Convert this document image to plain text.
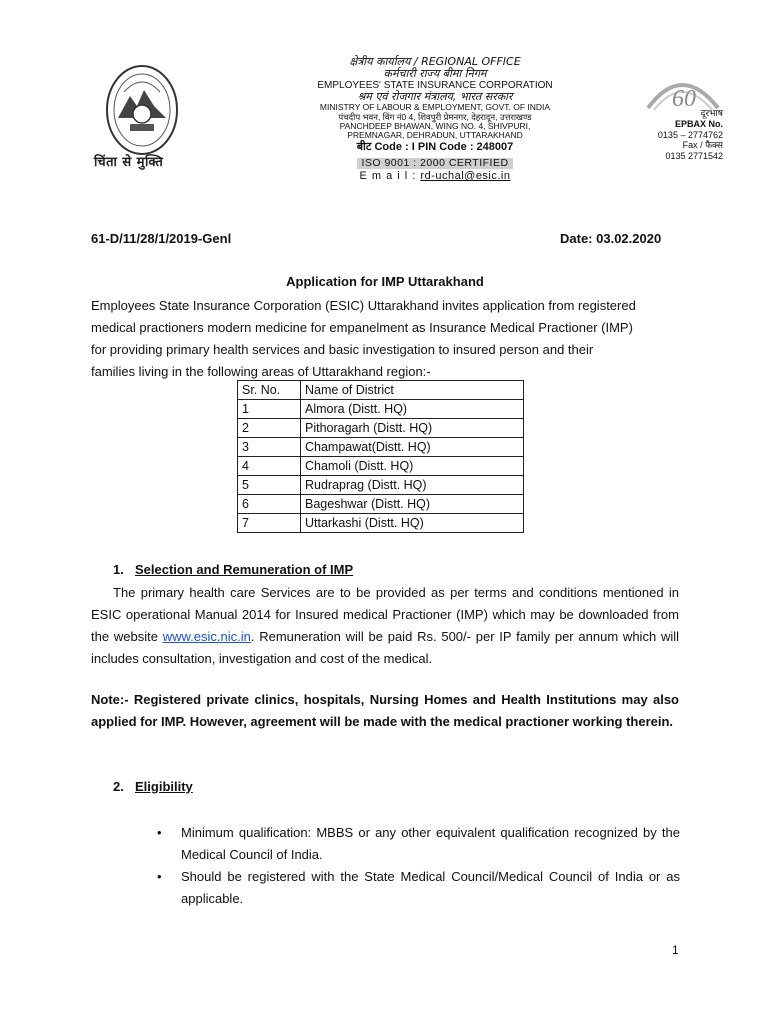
चिंता से मुक्ति
क्षेत्रीय कार्यालय / REGIONAL OFFICE
कर्मचारी राज्य बीमा निगम
EMPLOYEES' STATE INSURANCE CORPORATION
श्रम एवं रोजगार मंत्रालय, भारत सरकार
MINISTRY OF LABOUR & EMPLOYMENT, GOVT. OF INDIA
पंचदीप भवन, विंग नं0 4, शिवपुरी प्रेमनगर, देहरादून, उत्तराखण्ड
PANCHDEEP BHAWAN, WING NO. 4, SHIVPURI,
PREMNAGAR, DEHRADUN, UTTARAKHAND
बीट Code : I PIN Code : 248007
ISO 9001 : 2000 CERTIFIED
E m a i l : rd-uchal@esic.in
60
दूरभाष
EPBAX No.
0135 – 2774762
Fax / फैक्स
0135 2771542
61-D/11/28/1/2019-Genl	Date: 03.02.2020
Application for IMP Uttarakhand
Employees State Insurance Corporation (ESIC) Uttarakhand invites application from registered
medical practioners modern medicine for empanelment as Insurance Medical Practioner (IMP)
for providing primary health services and basic investigation to insured person and their
families living in the following areas of Uttarakhand region:-
Sr. No.	Name of District
1	Almora (Distt. HQ)
2	Pithoragarh (Distt. HQ)
3	Champawat(Distt. HQ)
4	Chamoli (Distt. HQ)
5	Rudraprag (Distt. HQ)
6	Bageshwar (Distt. HQ)
7	Uttarkashi (Distt. HQ)
1. Selection and Remuneration of IMP

The primary health care Services are to be provided as per terms and conditions mentioned in ESIC operational Manual 2014 for Insured medical Practioner (IMP) which may be downloaded from the website www.esic.nic.in. Remuneration will be paid Rs. 500/- per IP family per annum which will includes consultation, investigation and cost of the medical.

Note:- Registered private clinics, hospitals, Nursing Homes and Health Institutions may also applied for IMP. However, agreement will be made with the medical practioner working therein.
2. Eligibility
• Minimum qualification: MBBS or any other equivalent qualification recognized by the Medical Council of India.
• Should be registered with the State Medical Council/Medical Council of India or as applicable.
1
